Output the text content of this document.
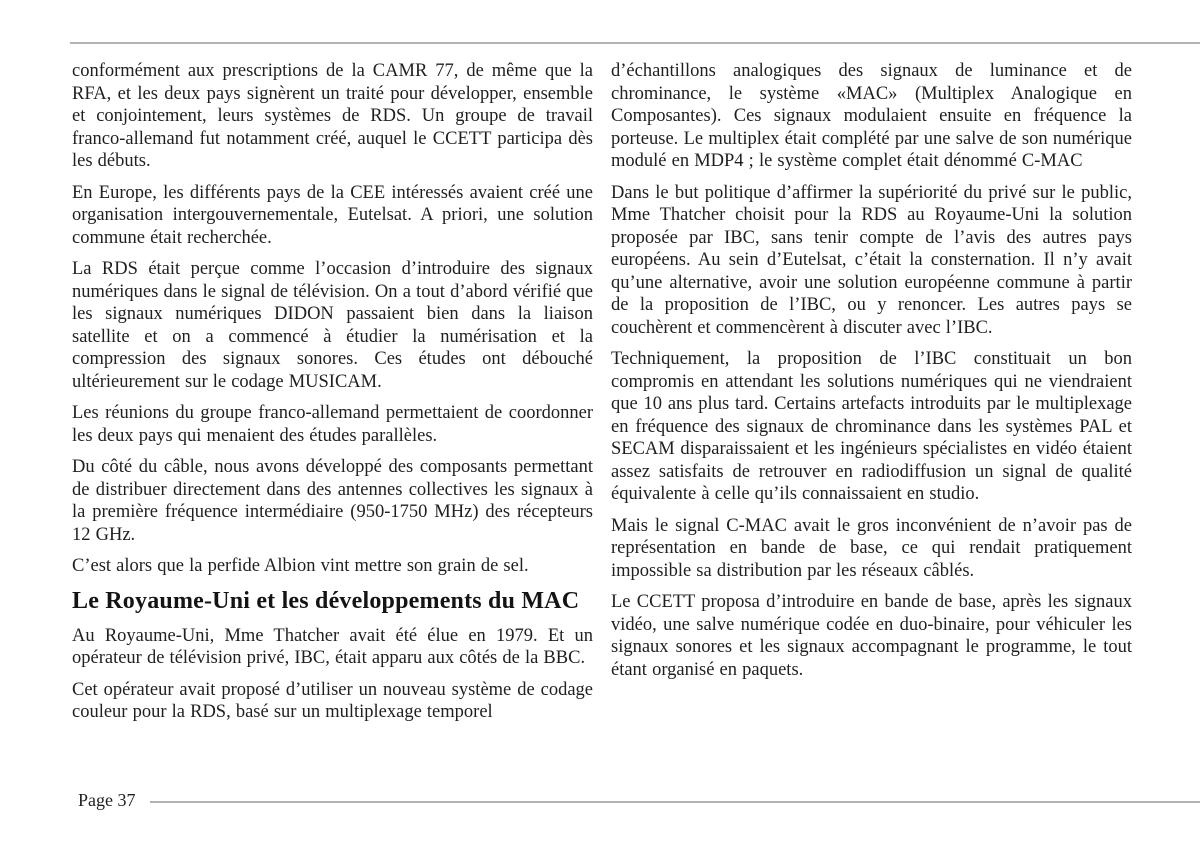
conformément aux prescriptions de la CAMR 77, de même que la RFA, et les deux pays signèrent un traité pour développer, ensemble et conjointement, leurs systèmes de RDS. Un groupe de travail franco-allemand fut notamment créé, auquel le CCETT participa dès les débuts.

En Europe, les différents pays de la CEE intéressés avaient créé une organisation intergouvernementale, Eutelsat. A priori, une solution commune était recherchée.

La RDS était perçue comme l’occasion d’introduire des signaux numériques dans le signal de télévision. On a tout d’abord vérifié que les signaux numériques DIDON passaient bien dans la liaison satellite et on a commencé à étudier la numérisation et la compression des signaux sonores. Ces études ont débouché ultérieurement sur le codage MUSICAM.

Les réunions du groupe franco-allemand permettaient de coordonner les deux pays qui menaient des études parallèles.

Du côté du câble, nous avons développé des composants permettant de distribuer directement dans des antennes collectives les signaux à la première fréquence intermédiaire (950-1750 MHz) des récepteurs 12 GHz.

C’est alors que la perfide Albion vint mettre son grain de sel.

Le Royaume-Uni et les développements du MAC

Au Royaume-Uni, Mme Thatcher avait été élue en 1979. Et un opérateur de télévision privé, IBC, était apparu aux côtés de la BBC.

Cet opérateur avait proposé d’utiliser un nouveau système de codage couleur pour la RDS, basé sur un multiplexage temporel

d’échantillons analogiques des signaux de luminance et de chrominance, le système «MAC» (Multiplex Analogique en Composantes). Ces signaux modulaient ensuite en fréquence la porteuse. Le multiplex était complété par une salve de son numérique modulé en MDP4 ; le système complet était dénommé C-MAC

Dans le but politique d’affirmer la supériorité du privé sur le public, Mme Thatcher choisit pour la RDS au Royaume-Uni la solution proposée par IBC, sans tenir compte de l’avis des autres pays européens. Au sein d’Eutelsat, c’était la consternation. Il n’y avait qu’une alternative, avoir une solution européenne commune à partir de la proposition de l’IBC, ou y renoncer. Les autres pays se couchèrent et commencèrent à discuter avec l’IBC.

Techniquement, la proposition de l’IBC constituait un bon compromis en attendant les solutions numériques qui ne viendraient que 10 ans plus tard. Certains artefacts introduits par le multiplexage en fréquence des signaux de chrominance dans les systèmes PAL et SECAM disparaissaient et les ingénieurs spécialistes en vidéo étaient assez satisfaits de retrouver en radiodiffusion un signal de qualité équivalente à celle qu’ils connaissaient en studio.

Mais le signal C-MAC avait le gros inconvénient de n’avoir pas de représentation en bande de base, ce qui rendait pratiquement impossible sa distribution par les réseaux câblés.

Le CCETT proposa d’introduire en bande de base, après les signaux vidéo, une salve numérique codée en duo-binaire, pour véhiculer les signaux sonores et les signaux accompagnant le programme, le tout étant organisé en paquets.

Page 37
